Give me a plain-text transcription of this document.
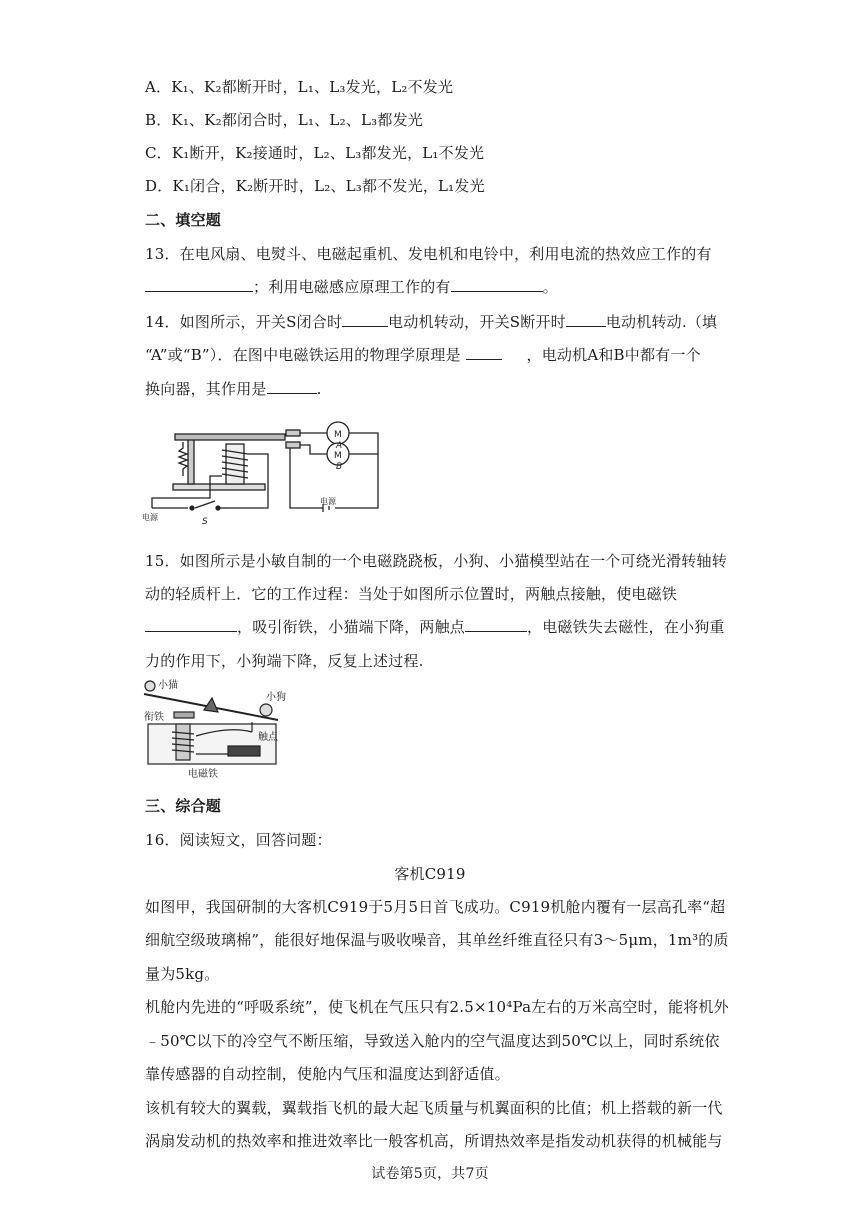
A．K₁、K₂都断开时，L₁、L₃发光，L₂不发光
B．K₁、K₂都闭合时，L₁、L₂、L₃都发光
C．K₁断开，K₂接通时，L₂、L₃都发光，L₁不发光
D．K₁闭合，K₂断开时，L₂、L₃都不发光，L₁发光
二、填空题
13．在电风扇、电熨斗、电磁起重机、发电机和电铃中，利用电流的热效应工作的有
；利用电磁感应原理工作的有	。
14．如图所示，开关S闭合时	电动机转动，开关S断开时	电动机转动.（填
“A”或“B”）．在图中电磁铁运用的物理学原理是	，电动机A和B中都有一个
换向器，其作用是	.
M
M
A
B
电源
电源
S
15．如图所示是小敏自制的一个电磁跷跷板，小狗、小猫模型站在一个可绕光滑转轴转
动的轻质杆上．它的工作过程：当处于如图所示位置时，两触点接触，使电磁铁
，吸引衔铁，小猫端下降，两触点	，电磁铁失去磁性，在小狗重
力的作用下，小狗端下降，反复上述过程.
小猫
衔铁
小狗
触点
电磁铁
三、综合题
16．阅读短文，回答问题：
客机C919
如图甲，我国研制的大客机C919于5月5日首飞成功。C919机舱内覆有一层高孔率“超
细航空级玻璃棉”，能很好地保温与吸收噪音，其单丝纤维直径只有3～5μm，1m³的质
量为5kg。
机舱内先进的“呼吸系统”，使飞机在气压只有2.5×10⁴Pa左右的万米高空时，能将机外
﹣50℃以下的冷空气不断压缩，导致送入舱内的空气温度达到50℃以上，同时系统依
靠传感器的自动控制，使舱内气压和温度达到舒适值。
该机有较大的翼载，翼载指飞机的最大起飞质量与机翼面积的比值；机上搭载的新一代
涡扇发动机的热效率和推进效率比一般客机高，所谓热效率是指发动机获得的机械能与
试卷第5页，共7页
